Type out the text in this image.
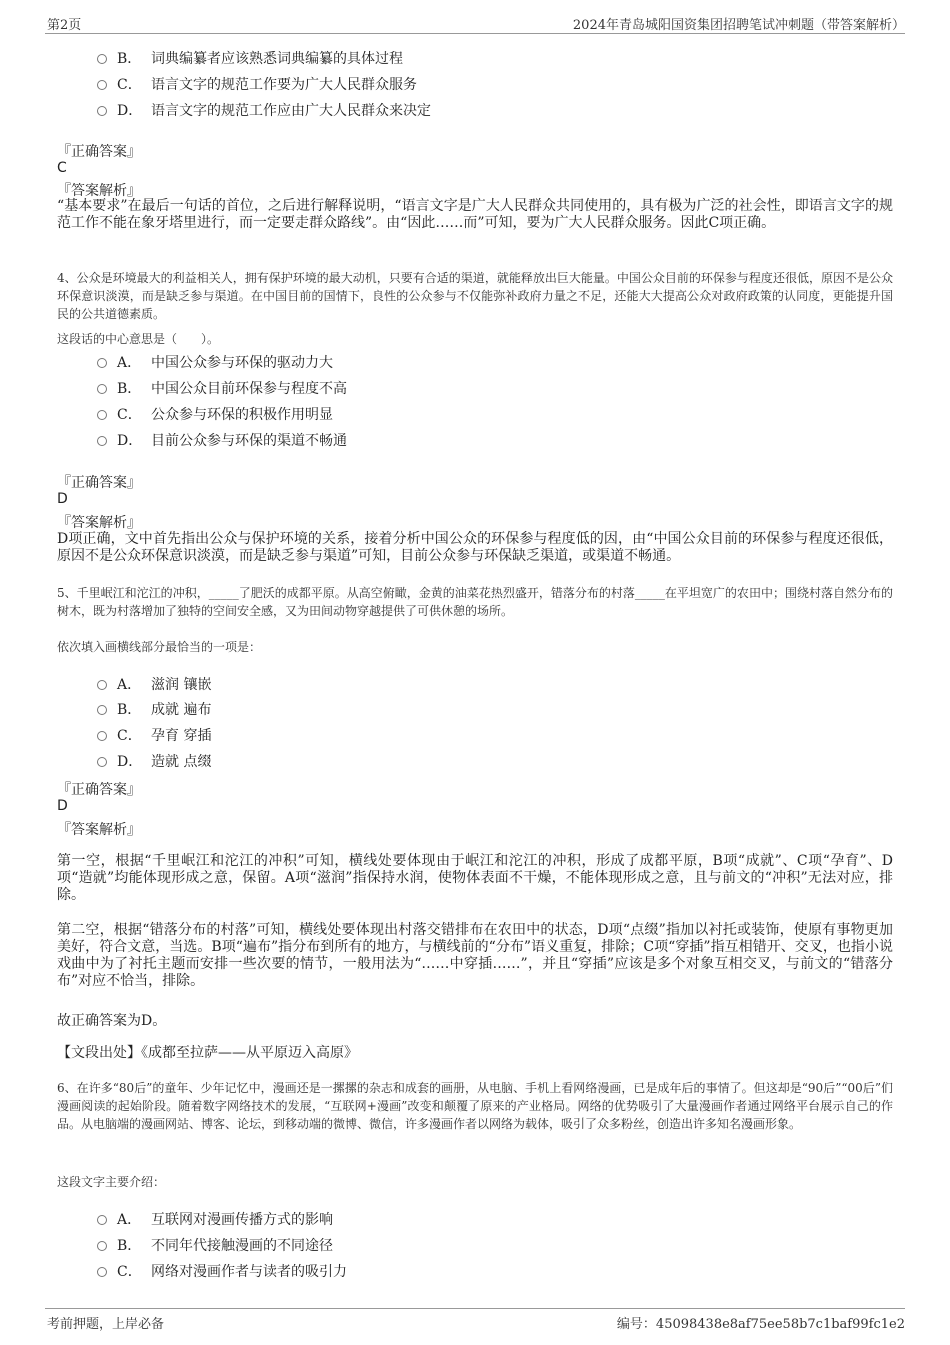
第2页	2024年青岛城阳国资集团招聘笔试冲刺题（带答案解析）
B． 词典编纂者应该熟悉词典编纂的具体过程
C． 语言文字的规范工作要为广大人民群众服务
D． 语言文字的规范工作应由广大人民群众来决定
『正确答案』
C
『答案解析』
“基本要求”在最后一句话的首位，之后进行解释说明，“语言文字是广大人民群众共同使用的，具有极为广泛的社会性，即语言文字的规范工作不能在象牙塔里进行，而一定要走群众路线”。由“因此……而”可知，要为广大人民群众服务。因此C项正确。
4、公众是环境最大的利益相关人，拥有保护环境的最大动机，只要有合适的渠道，就能释放出巨大能量。中国公众目前的环保参与程度还很低，原因不是公众环保意识淡漠，而是缺乏参与渠道。在中国目前的国情下，良性的公众参与不仅能弥补政府力量之不足，还能大大提高公众对政府政策的认同度，更能提升国民的公共道德素质。
这段话的中心意思是（　　）。
A． 中国公众参与环保的驱动力大
B． 中国公众目前环保参与程度不高
C． 公众参与环保的积极作用明显
D． 目前公众参与环保的渠道不畅通
『正确答案』
D
『答案解析』
D项正确，文中首先指出公众与保护环境的关系，接着分析中国公众的环保参与程度低的因，由“中国公众目前的环保参与程度还很低，原因不是公众环保意识淡漠，而是缺乏参与渠道”可知，目前公众参与环保缺乏渠道，或渠道不畅通。
5、千里岷江和沱江的冲积，_____了肥沃的成都平原。从高空俯瞰，金黄的油菜花热烈盛开，错落分布的村落_____在平坦宽广的农田中；围绕村落自然分布的树木，既为村落增加了独特的空间安全感，又为田间动物穿越提供了可供休憩的场所。
依次填入画横线部分最恰当的一项是：
A． 滋润 镶嵌
B． 成就 遍布
C． 孕育 穿插
D． 造就 点缀
『正确答案』
D
『答案解析』
第一空，根据“千里岷江和沱江的冲积”可知，横线处要体现由于岷江和沱江的冲积，形成了成都平原，B项“成就”、C项“孕育”、D项“造就”均能体现形成之意，保留。A项“滋润”指保持水润，使物体表面不干燥，不能体现形成之意，且与前文的“冲积”无法对应，排除。
第二空，根据“错落分布的村落”可知，横线处要体现出村落交错排布在农田中的状态，D项“点缀”指加以衬托或装饰，使原有事物更加美好，符合文意，当选。B项“遍布”指分布到所有的地方，与横线前的“分布”语义重复，排除；C项“穿插”指互相错开、交叉，也指小说戏曲中为了衬托主题而安排一些次要的情节，一般用法为“……中穿插……”，并且“穿插”应该是多个对象互相交叉，与前文的“错落分布”对应不恰当，排除。
故正确答案为D。
【文段出处】《成都至拉萨——从平原迈入高原》
6、在许多“80后”的童年、少年记忆中，漫画还是一摞摞的杂志和成套的画册，从电脑、手机上看网络漫画，已是成年后的事情了。但这却是“90后”“00后”们漫画阅读的起始阶段。随着数字网络技术的发展，“互联网+漫画”改变和颠覆了原来的产业格局。网络的优势吸引了大量漫画作者通过网络平台展示自己的作品。从电脑端的漫画网站、博客、论坛，到移动端的微博、微信，许多漫画作者以网络为载体，吸引了众多粉丝，创造出许多知名漫画形象。
这段文字主要介绍：
A． 互联网对漫画传播方式的影响
B． 不同年代接触漫画的不同途径
C． 网络对漫画作者与读者的吸引力
考前押题，上岸必备	编号：45098438e8af75ee58b7c1baf99fc1e2
